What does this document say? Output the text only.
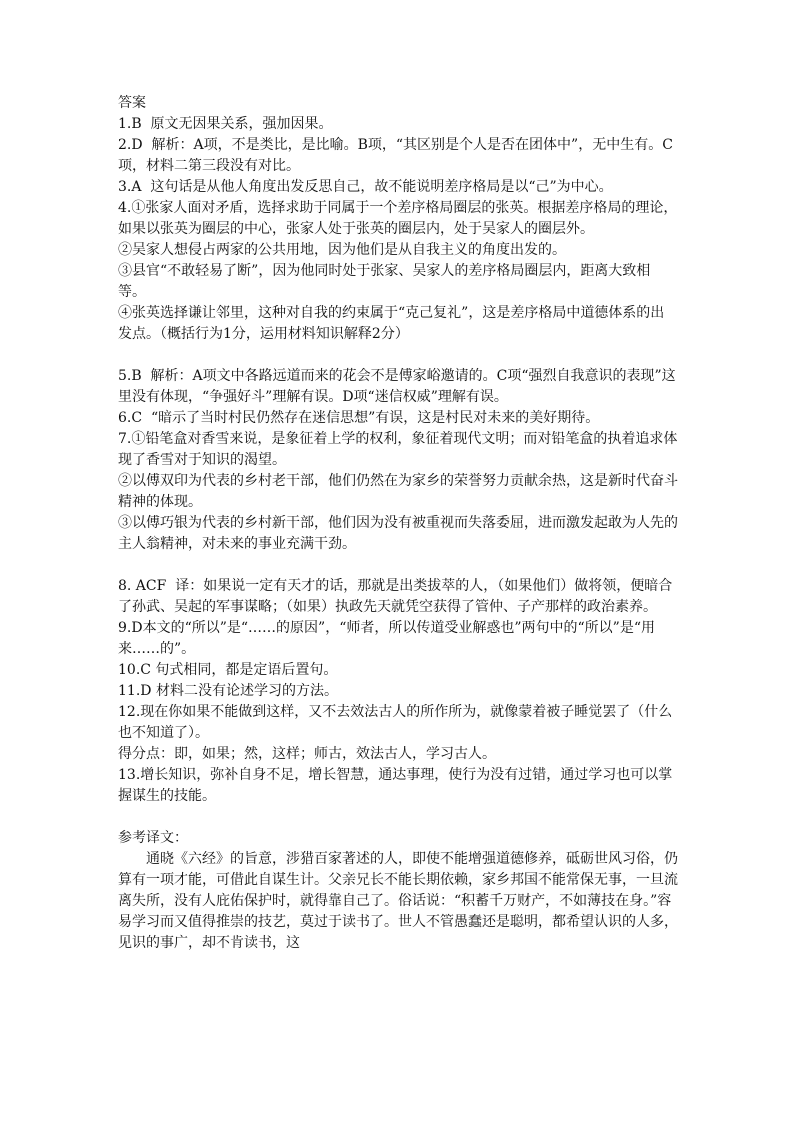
答案

1.B  原文无因果关系，强加因果。

2.D  解析：A项，不是类比，是比喻。B项，“其区别是个人是否在团体中”，无中生有。C项，材料二第三段没有对比。

3.A  这句话是从他人角度出发反思自己，故不能说明差序格局是以“己”为中心。

4.①张家人面对矛盾，选择求助于同属于一个差序格局圈层的张英。根据差序格局的理论，如果以张英为圈层的中心，张家人处于张英的圈层内，处于吴家人的圈层外。

②吴家人想侵占两家的公共用地，因为他们是从自我主义的角度出发的。

③县官“不敢轻易了断”，因为他同时处于张家、吴家人的差序格局圈层内，距离大致相等。

④张英选择谦让邻里，这种对自我的约束属于“克己复礼”，这是差序格局中道德体系的出发点。（概括行为1分，运用材料知识解释2分）

5.B  解析：A项文中各路远道而来的花会不是傅家峪邀请的。C项“强烈自我意识的表现”这里没有体现，“争强好斗”理解有误。D项“迷信权威”理解有误。

6.C  “暗示了当时村民仍然存在迷信思想”有误，这是村民对未来的美好期待。

7.①铅笔盒对香雪来说，是象征着上学的权利，象征着现代文明；而对铅笔盒的执着追求体现了香雪对于知识的渴望。

②以傅双印为代表的乡村老干部，他们仍然在为家乡的荣誉努力贡献余热，这是新时代奋斗精神的体现。

③以傅巧银为代表的乡村新干部，他们因为没有被重视而失落委屈，进而激发起敢为人先的主人翁精神，对未来的事业充满干劲。

8. ACF  译：如果说一定有天才的话，那就是出类拔萃的人，（如果他们）做将领，便暗合了孙武、吴起的军事谋略；（如果）执政先天就凭空获得了管仲、子产那样的政治素养。

9.D本文的“所以”是“……的原因”，“师者，所以传道受业解惑也”两句中的“所以”是“用来……的”。

10.C 句式相同，都是定语后置句。

11.D 材料二没有论述学习的方法。

12.现在你如果不能做到这样，又不去效法古人的所作所为，就像蒙着被子睡觉罢了（什么也不知道了）。

得分点：即，如果；然，这样；师古，效法古人，学习古人。

13.增长知识，弥补自身不足，增长智慧，通达事理，使行为没有过错，通过学习也可以掌握谋生的技能。

参考译文：

通晓《六经》的旨意，涉猎百家著述的人，即使不能增强道德修养，砥砺世风习俗，仍算有一项才能，可借此自谋生计。父亲兄长不能长期依赖，家乡邦国不能常保无事，一旦流离失所，没有人庇佑保护时，就得靠自己了。俗话说：“积蓄千万财产，不如薄技在身。”容易学习而又值得推崇的技艺，莫过于读书了。世人不管愚蠢还是聪明，都希望认识的人多，见识的事广，却不肯读书，这
